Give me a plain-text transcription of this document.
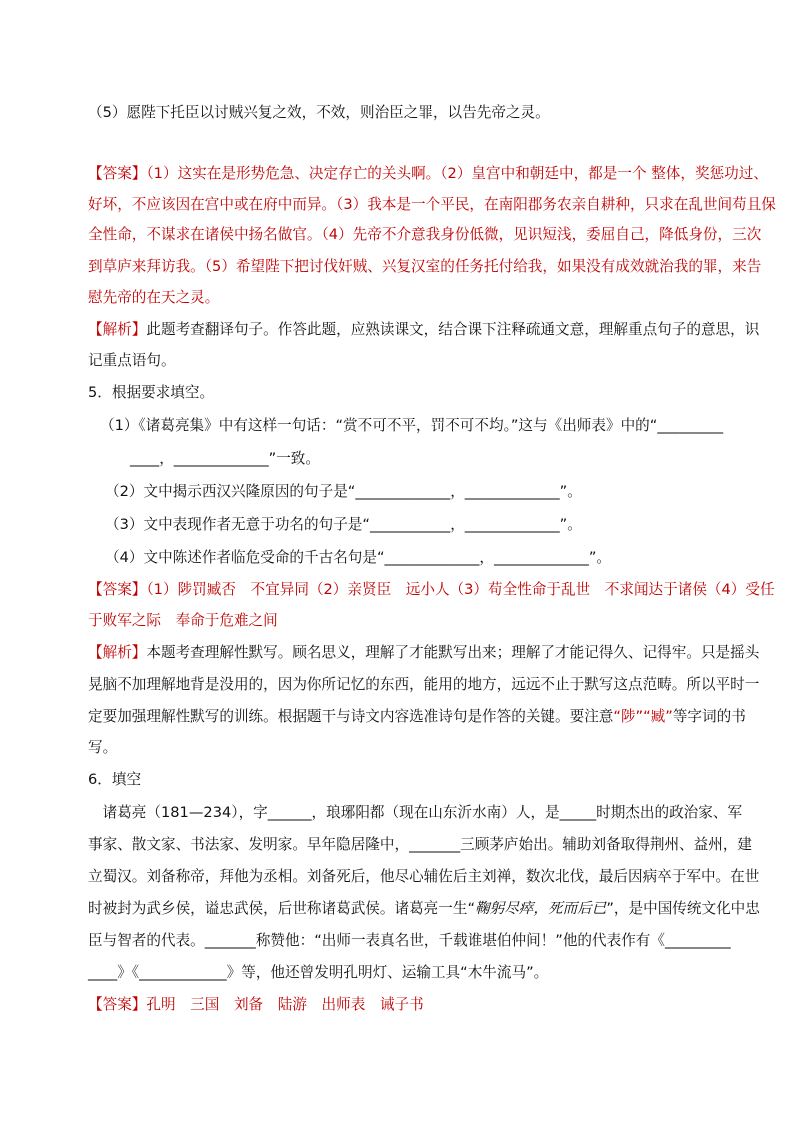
（5）愿陛下托臣以讨贼兴复之效，不效，则治臣之罪，以告先帝之灵。
【答案】（1）这实在是形势危急、决定存亡的关头啊。（2）皇宫中和朝廷中，都是一个 整体，奖惩功过、
好坏，不应该因在宫中或在府中而异。（3）我本是一个平民，在南阳郡务农亲自耕种，只求在乱世间苟且保
全性命，不谋求在诸侯中扬名做官。（4）先帝不介意我身份低微，见识短浅，委屈自己，降低身份，三次
到草庐来拜访我。（5）希望陛下把讨伐奸贼、兴复汉室的任务托付给我，如果没有成效就治我的罪，来告
慰先帝的在天之灵。
【解析】此题考查翻译句子。作答此题，应熟读课文，结合课下注释疏通文意，理解重点句子的意思，识
记重点语句。
5．根据要求填空。
（1）《诸葛亮集》中有这样一句话：“赏不可不平，罚不可不均。”这与《出师表》中的“_________
____，_____________”一致。
（2）文中揭示西汉兴隆原因的句子是“_____________，_____________”。
（3）文中表现作者无意于功名的句子是“___________，_____________”。
（4）文中陈述作者临危受命的千古名句是“_____________，_____________”。
【答案】（1）陟罚臧否　不宜异同（2）亲贤臣　远小人（3）苟全性命于乱世　不求闻达于诸侯（4）受任
于败军之际　奉命于危难之间
【解析】本题考查理解性默写。顾名思义，理解了才能默写出来；理解了才能记得久、记得牢。只是摇头
晃脑不加理解地背是没用的，因为你所记忆的东西，能用的地方，远远不止于默写这点范畴。所以平时一
定要加强理解性默写的训练。根据题干与诗文内容选准诗句是作答的关键。要注意“陟”“臧”等字词的书
写。
6．填空
　诸葛亮（181—234），字______，琅琊阳都（现在山东沂水南）人，是_____时期杰出的政治家、军
事家、散文家、书法家、发明家。早年隐居隆中，_______三顾茅庐始出。辅助刘备取得荆州、益州，建
立蜀汉。刘备称帝，拜他为丞相。刘备死后，他尽心辅佐后主刘禅，数次北伐，最后因病卒于军中。在世
时被封为武乡侯，谥忠武侯，后世称诸葛武侯。诸葛亮一生“鞠躬尽瘁，死而后已”，是中国传统文化中忠
臣与智者的代表。_______称赞他：“出师一表真名世，千载谁堪伯仲间！”他的代表作有《_________
____》《____________》等，他还曾发明孔明灯、运输工具“木牛流马”。
【答案】孔明　三国　刘备　陆游　出师表　诫子书
